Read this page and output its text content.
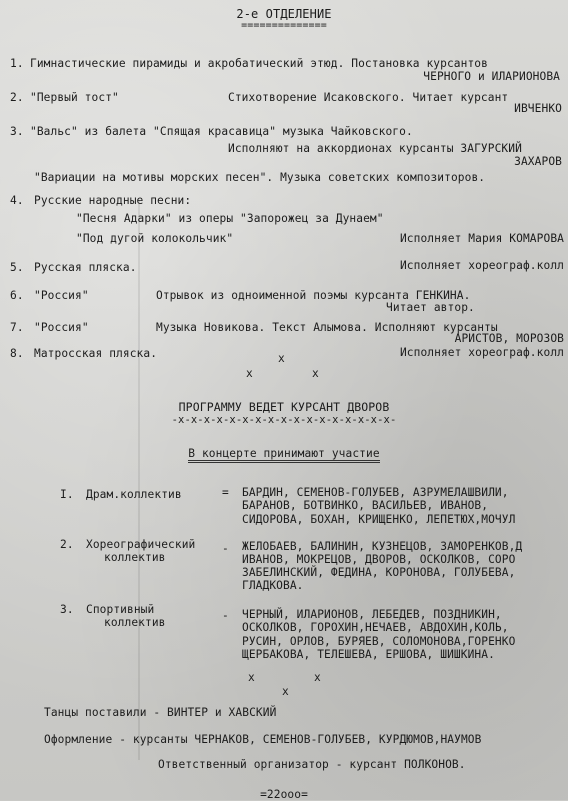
2-е ОТДЕЛЕНИЕ
==============
1. Гимнастические пирамиды и акробатический этюд. Постановка курсантов
ЧЕРНОГО и ИЛАРИОНОВА
2. "Первый тост"	Стихотворение Исаковского. Читает курсант
ИВЧЕНКО
3. "Вальс" из балета "Спящая красавица" музыка Чайковского.
Исполняют на аккордионах курсанты ЗАГУРСКИЙ
ЗАХАРОВ
"Вариации на мотивы морских песен". Музыка советских композиторов.
4. Русские народные песни:
"Песня Адарки" из оперы "Запорожец за Дунаем"
"Под дугой колокольчик"	Исполняет Мария КОМАРОВА
5. Русская пляска.	Исполняет хореограф.колл
6. "Россия"	Отрывок из одноименной поэмы курсанта ГЕНКИНА.
Читает автор.
7. "Россия"	Музыка Новикова. Текст Алымова. Исполняют курсанты
АРИСТОВ, МОРОЗОВ
8. Матросская пляска.	Исполняет хореограф.колл
x
x	x
ПРОГРАММУ ВЕДЕТ КУРСАНТ ДВОРОВ
-x-x-x-x-x-x-x-x-x-x-x-x-x-x-x-x-x-
В концерте принимают участие
I. Драм.коллектив	= БАРДИН, СЕМЕНОВ-ГОЛУБЕВ, АЗРУМЕЛАШВИЛИ,
БАРАНОВ, БОТВИНКО, ВАСИЛЬЕВ, ИВАНОВ,
СИДОРОВА, БОХАН, КРИЩЕНКО, ЛЕПЕТЮХ,МОЧУЛ
2. Хореографический
коллектив
- ЖЕЛОБАЕВ, БАЛИНИН, КУЗНЕЦОВ, ЗАМОРЕНКОВ,Д
ИВАНОВ, МОКРЕЦОВ, ДВОРОВ, ОСКОЛКОВ, СОРО
ЗАБЕЛИНСКИЙ, ФЕДИНА, КОРОНОВА, ГОЛУБЕВА,
ГЛАДКОВА.
3. Спортивный
коллектив
- ЧЕРНЫЙ, ИЛАРИОНОВ, ЛЕБЕДЕВ, ПОЗДНИКИН,
ОСКОЛКОВ, ГОРОХИН,НЕЧАЕВ, АВДОХИН,КОЛЬ,
РУСИН, ОРЛОВ, БУРЯЕВ, СОЛОМОНОВА,ГОРЕНКО
ЩЕРБАКОВА, ТЕЛЕШЕВА, ЕРШОВА, ШИШКИНА.
x	x
x
Танцы поставили - ВИНТЕР и ХАВСКИЙ
Оформление - курсанты ЧЕРНАКОВ, СЕМЕНОВ-ГОЛУБЕВ, КУРДЮМОВ,НАУМОВ
Ответственный организатор - курсант ПОЛКОНОВ.
=22ооо=
